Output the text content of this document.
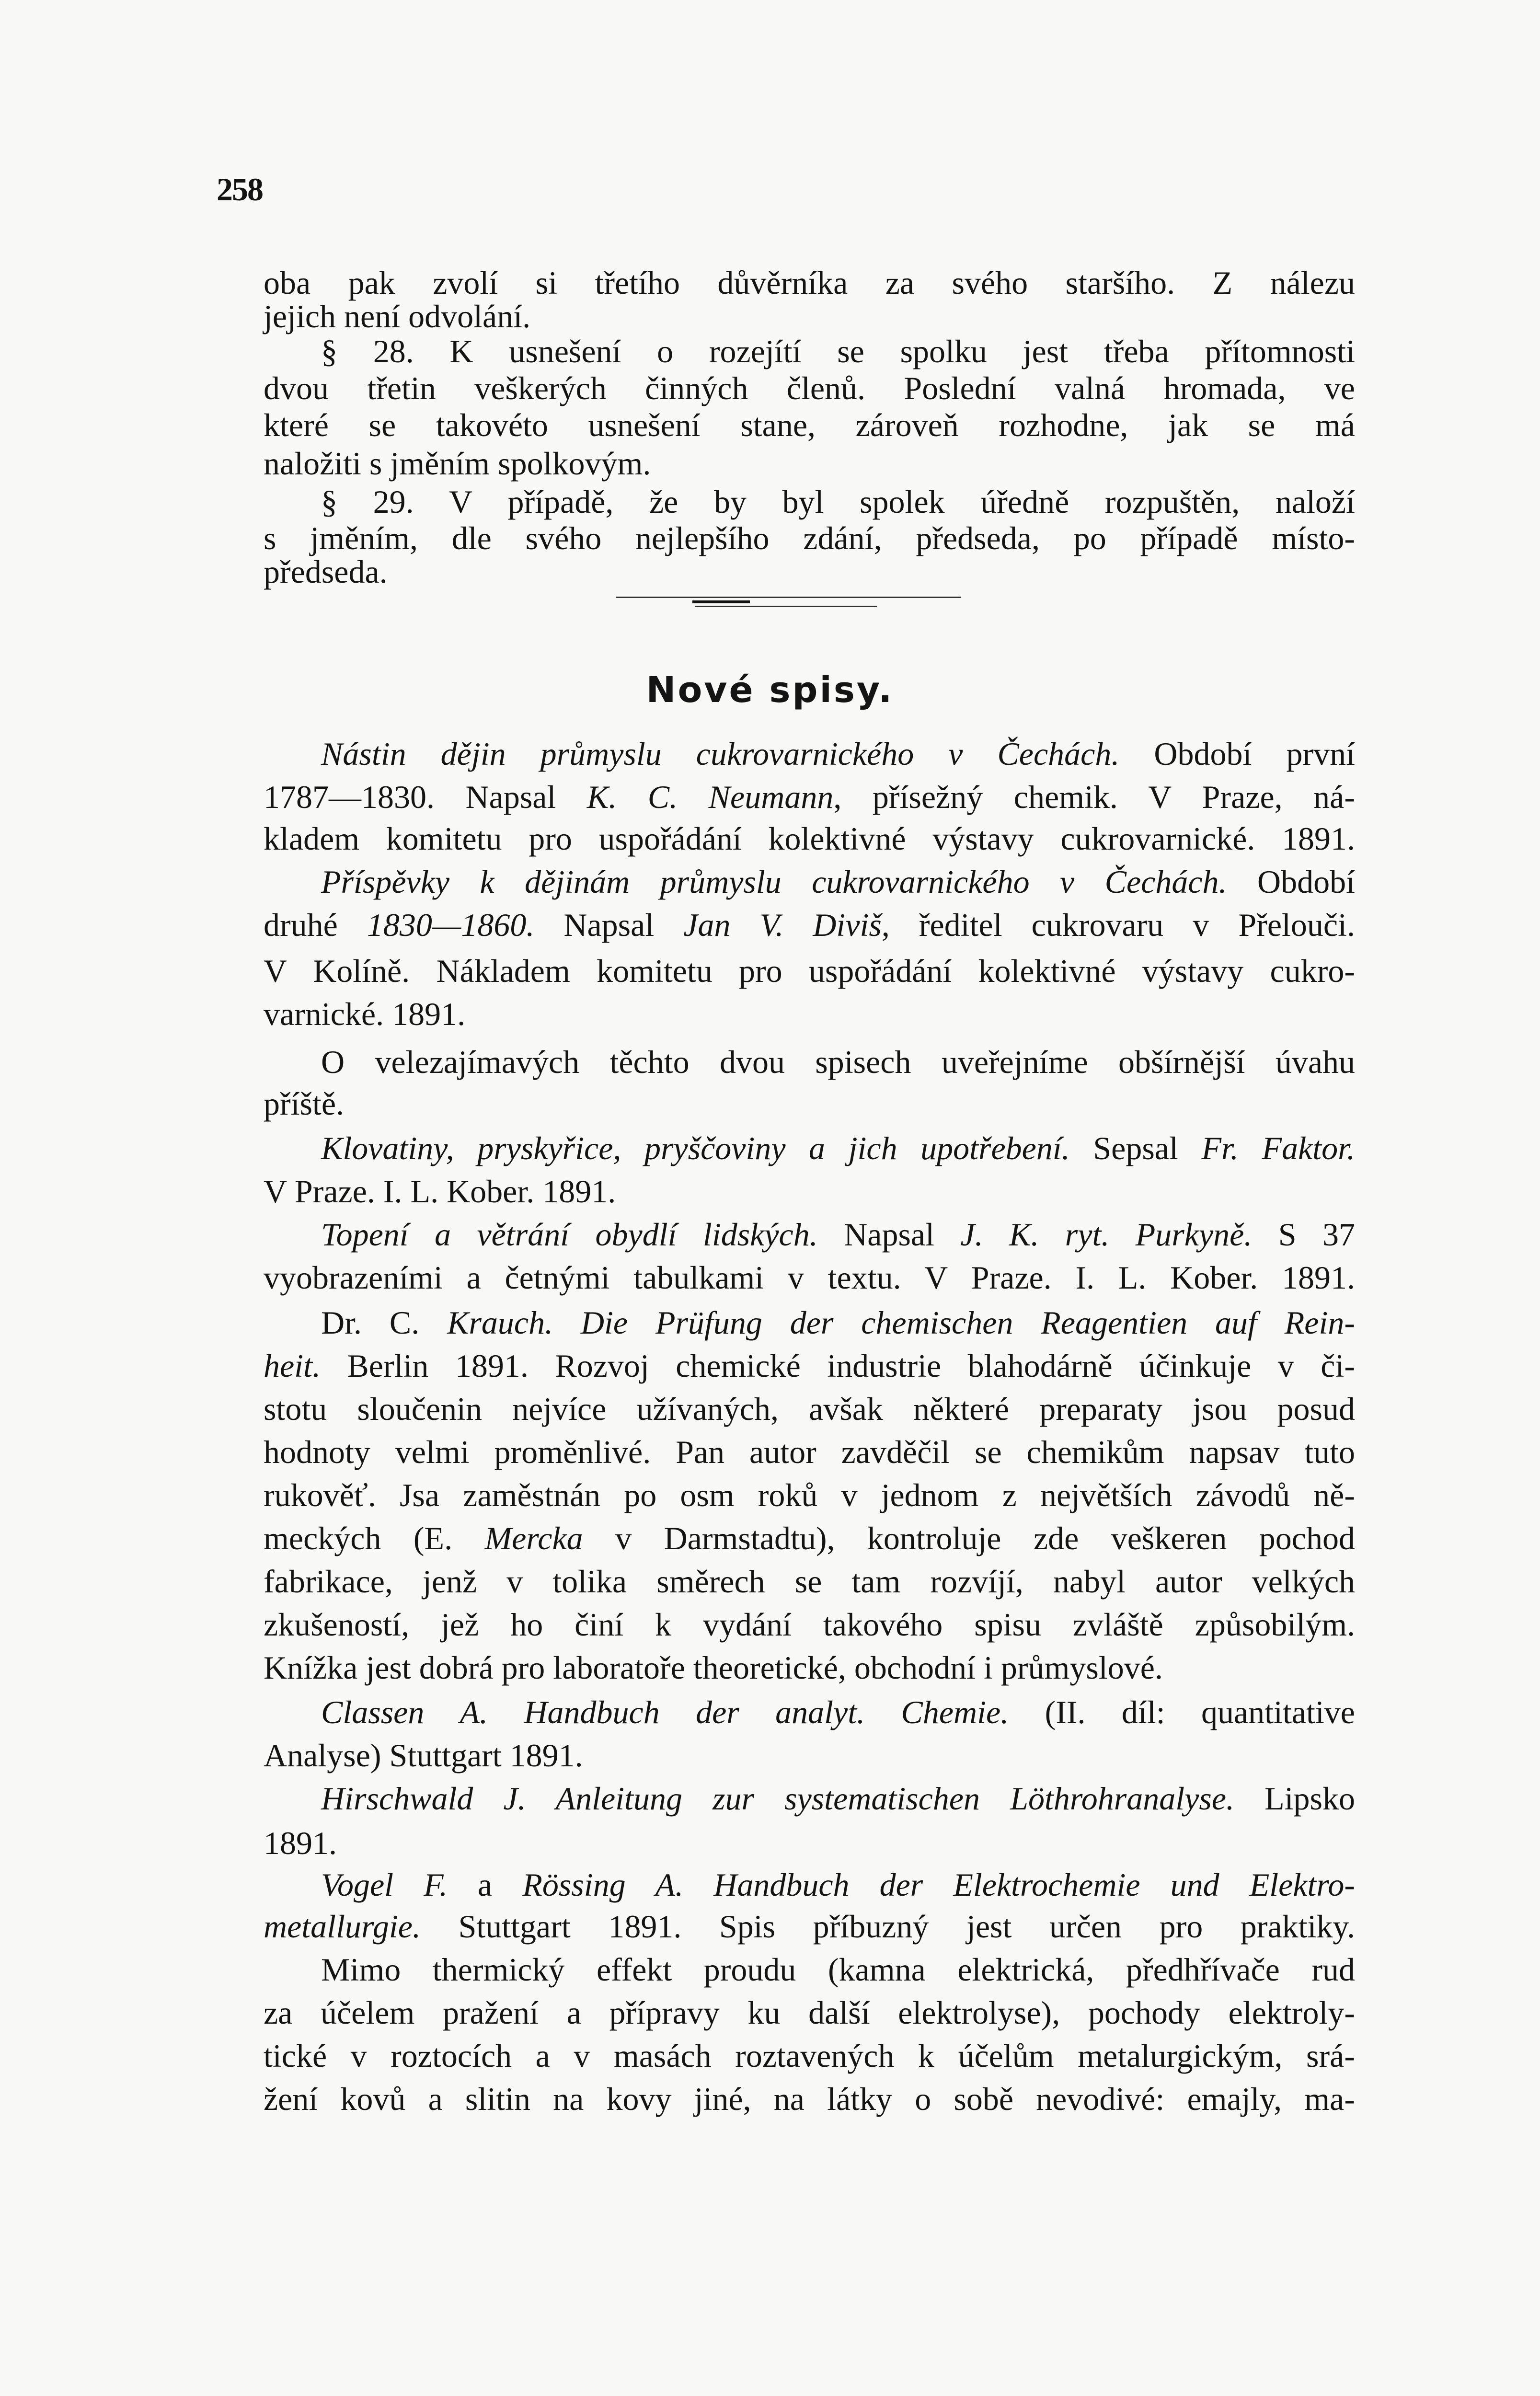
258
oba pak zvolí si třetího důvěrníka za svého staršího. Z nálezu
jejich není odvolání.
§ 28. K usnešení o rozejítí se spolku jest třeba přítomnosti
dvou třetin veškerých činných členů. Poslední valná hromada, ve
které se takovéto usnešení stane, zároveň rozhodne, jak se má
naložiti s jměním spolkovým.
§ 29. V případě, že by byl spolek úředně rozpuštěn, naloží
s jměním, dle svého nejlepšího zdání, předseda, po případě místo-
předseda.
Nové spisy.
Nástin dějin průmyslu cukrovarnického v Čechách. Období první
1787—1830. Napsal K. C. Neumann, přísežný chemik. V Praze, ná-
kladem komitetu pro uspořádání kolektivné výstavy cukrovarnické. 1891.
Příspěvky k dějinám průmyslu cukrovarnického v Čechách. Období
druhé 1830—1860. Napsal Jan V. Diviš, ředitel cukrovaru v Přelouči.
V Kolíně. Nákladem komitetu pro uspořádání kolektivné výstavy cukro-
varnické. 1891.
O velezajímavých těchto dvou spisech uveřejníme obšírnější úvahu
příště.
Klovatiny, pryskyřice, pryščoviny a jich upotřebení. Sepsal Fr. Faktor.
V Praze. I. L. Kober. 1891.
Topení a větrání obydlí lidských. Napsal J. K. ryt. Purkyně. S 37
vyobrazeními a četnými tabulkami v textu. V Praze. I. L. Kober. 1891.
Dr. C. Krauch. Die Prüfung der chemischen Reagentien auf Rein-
heit. Berlin 1891. Rozvoj chemické industrie blahodárně účinkuje v či-
stotu sloučenin nejvíce užívaných, avšak některé preparaty jsou posud
hodnoty velmi proměnlivé. Pan autor zavděčil se chemikům napsav tuto
rukověť. Jsa zaměstnán po osm roků v jednom z největších závodů ně-
meckých (E. Mercka v Darmstadtu), kontroluje zde veškeren pochod
fabrikace, jenž v tolika směrech se tam rozvíjí, nabyl autor velkých
zkušeností, jež ho činí k vydání takového spisu zvláště způsobilým.
Knížka jest dobrá pro laboratoře theoretické, obchodní i průmyslové.
Classen A. Handbuch der analyt. Chemie. (II. díl: quantitative
Analyse) Stuttgart 1891.
Hirschwald J. Anleitung zur systematischen Löthrohranalyse. Lipsko
1891.
Vogel F. a Rössing A. Handbuch der Elektrochemie und Elektro-
metallurgie. Stuttgart 1891. Spis příbuzný jest určen pro praktiky.
Mimo thermický effekt proudu (kamna elektrická, předhřívače rud
za účelem pražení a přípravy ku další elektrolyse), pochody elektroly-
tické v roztocích a v masách roztavených k účelům metalurgickým, srá-
žení kovů a slitin na kovy jiné, na látky o sobě nevodivé: emajly, ma-
